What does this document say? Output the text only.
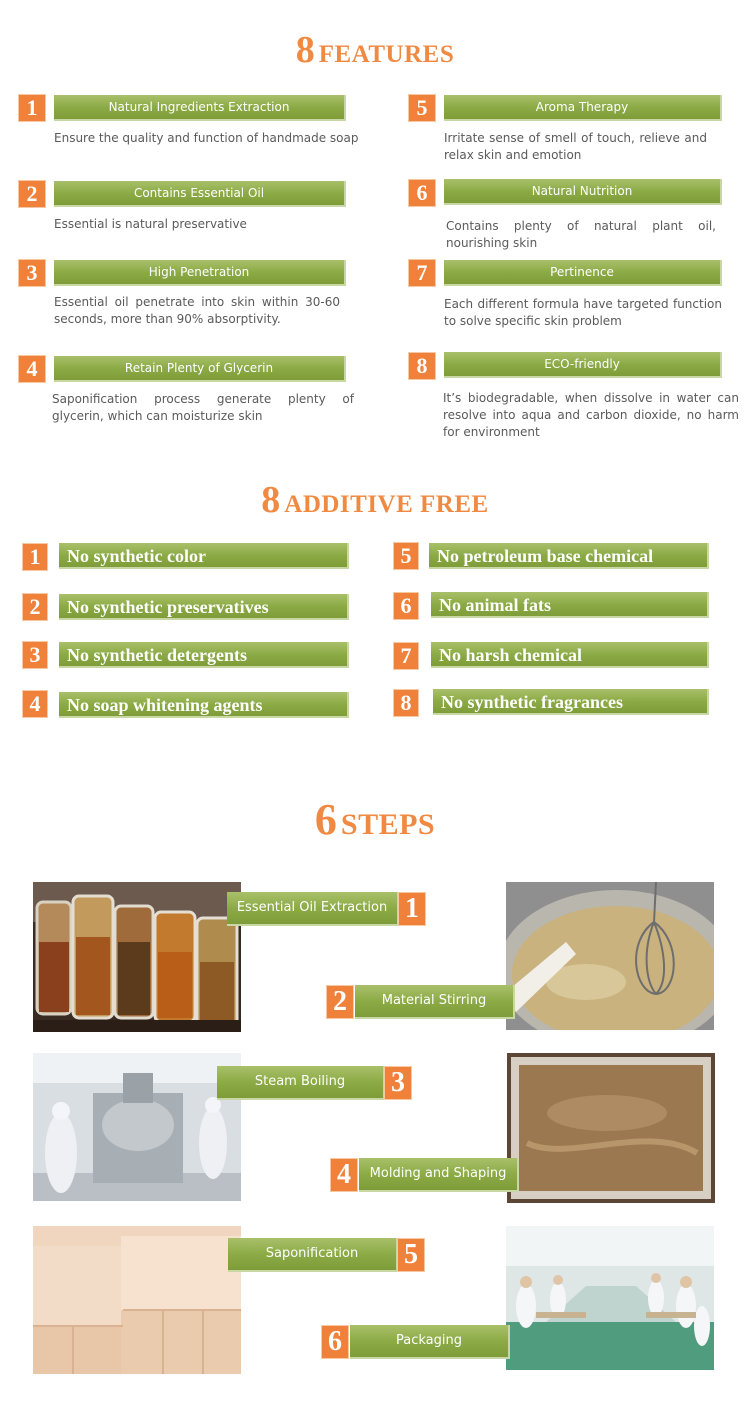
8 FEATURES
1	Natural Ingredients Extraction
Ensure the quality and function of handmade soap
2	Contains Essential Oil
Essential is natural preservative
3	High Penetration
Essential oil penetrate into skin within 30-60 seconds, more than 90% absorptivity.
4	Retain Plenty of Glycerin
Saponification process generate plenty of glycerin, which can moisturize skin
5	Aroma Therapy
Irritate sense of smell of touch, relieve and relax skin and emotion
6	Natural Nutrition
Contains plenty of natural plant oil, nourishing skin
7	Pertinence
Each different formula have targeted function to solve specific skin problem
8	ECO-friendly
It’s biodegradable, when dissolve in water can resolve into aqua and carbon dioxide, no harm for environment
8 ADDITIVE FREE
1	No synthetic color
2	No synthetic preservatives
3	No synthetic detergents
4	No soap whitening agents
5	No petroleum base chemical
6	No animal fats
7	No harsh chemical
8	No synthetic fragrances
6 STEPS
Essential Oil Extraction 1
2	Material Stirring
Steam Boiling	3
4	Molding and Shaping
Saponification	5
6	Packaging
